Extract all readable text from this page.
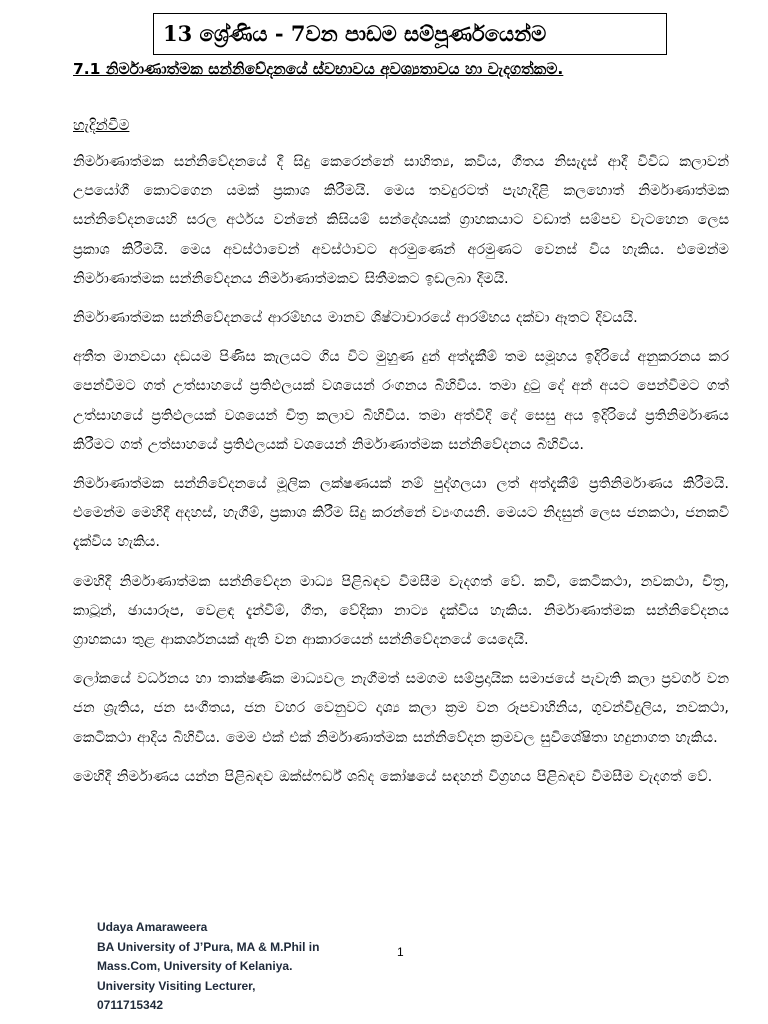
13 ශ්‍රේණිය - 7වන පාඩම සම්පූර්ණයෙන්ම
7.1 නිර්මාණාත්මක සන්නිවේදනයේ ස්වභාවය අවශ්‍යතාවය හා වැදගත්කම.
හැදින්වීම

නිර්මාණාත්මක සන්නිවේදනයේ දී සිදු කෙරෙන්නේ සාහිත්‍ය, කවිය, ගීතය නිසැදැස් ආදී විවිධ කලාවන් උපයෝගී කොටගෙන යමක් ප්‍රකාශ කිරීමයි. මෙය තවදුරටත් පැහැදිළි කලහොත් නිර්මාණාත්මක සන්නිවේදනයෙහි සරල අර්ථය වන්නේ කිසියම් සන්දේශයක් ග්‍රාහකයාට වඩාත් සම්පව වැටහෙන ලෙස ප්‍රකාශ කිරීමයි. මෙය අවස්ථාවෙන් අවස්ථාවට අරමුණෙන් අරමුණට වෙනස් විය හැකිය. එමෙන්ම නිර්මාණාත්මක සන්නිවේදනය නිර්මාණාත්මකව සිතීමකට ඉඩලබා දීමයි.

නිර්මාණාත්මක සන්නිවේදනයේ ආරම්භය මානව ශිෂ්ටාචාරයේ ආරම්භය දක්වා ඈතට දිවයයි.

අතීත මානවයා දඩයම පිණිස කැලයට ගිය විට මුහුණ දුන් අත්දැකීම් තම සමූහය ඉදිරියේ අනුකරනය කර පෙන්වීමට ගත් උත්සාහයේ ප්‍රතිඵලයක් වශයෙන් රංගනය බිහිවිය. තමා දුටු දේ අන් අයට පෙන්වීමට ගත් උත්සාහයේ ප්‍රතිඵලයක් වශයෙන් චිත්‍ර කලාව බිහිවිය. තමා අත්විදි දේ සෙසු අය ඉදිරියේ ප්‍රතිනිර්මාණය කිරීමට ගත් උත්සාහයේ ප්‍රතිඵලයක් වශයෙන් නිර්මාණාත්මක සන්නිවේදනය බිහිවිය.

නිර්මාණාත්මක සන්නිවේදනයේ මූලික ලක්ෂණයක් නම් පුද්ගලයා ලත් අත්දැකීම් ප්‍රතිනිර්මාණය කිරීමයි. එමෙන්ම මෙහිදී අදහස්, හැගීම්, ප්‍රකාශ කිරීම සිදු කරන්නේ ව්‍යංගයනි. මෙයට නිදසුන් ලෙස ජනකථා, ජනකවි දැක්විය හැකිය.

මෙහිදී නිර්මාණාත්මක සන්නිවේදන මාධ්‍ය පිළිබඳව විමසීම වැදගත් වේ. කවි, කෙටිකථා, නවකථා, චිත්‍ර, කාටූන්, ඡායාරූප, වෙළඳ දැන්වීම්, ගීත, වේදිකා නාට්‍ය දැක්විය හැකිය. නිර්මාණාත්මක සන්නිවේදනය ග්‍රාහකයා තුළ ආකර්ශනයක් ඇති වන ආකාරයෙන් සන්නිවේදනයේ යෙදෙයි.

ලෝකයේ වර්ධනය හා තාක්ෂණික මාධ්‍යවල නැගීමත් සමගම සම්ප්‍රදායික සමාජයේ පැවැති කලා ප්‍රවර්ග වන ජන ශ්‍රැතිය, ජන සංගීතය, ජන වහර වෙනුවට දෘශ්‍ය කලා ක්‍රම වන රූපවාහිනිය, ගුවන්විදුලිය, නවකථා, කෙටිකථා ආදිය බිහිවිය. මෙම එක් එක් නිර්මාණාත්මක සන්නිවේදන ක්‍රමවල සුවිශේෂිතා හදුනාගත හැකිය.

මෙහිදී නිර්මාණය යන්න පිළිබඳව ඔක්ස්ෆර්ඩ් ශබ්ද කෝෂයේ සඳහන් විග්‍රහය පිළිබඳව විමසීම වැදගත් වේ.

Udaya Amaraweera
BA University of J’Pura, MA & M.Phil in
Mass.Com, University of Kelaniya.
University Visiting Lecturer,
0711715342
1
